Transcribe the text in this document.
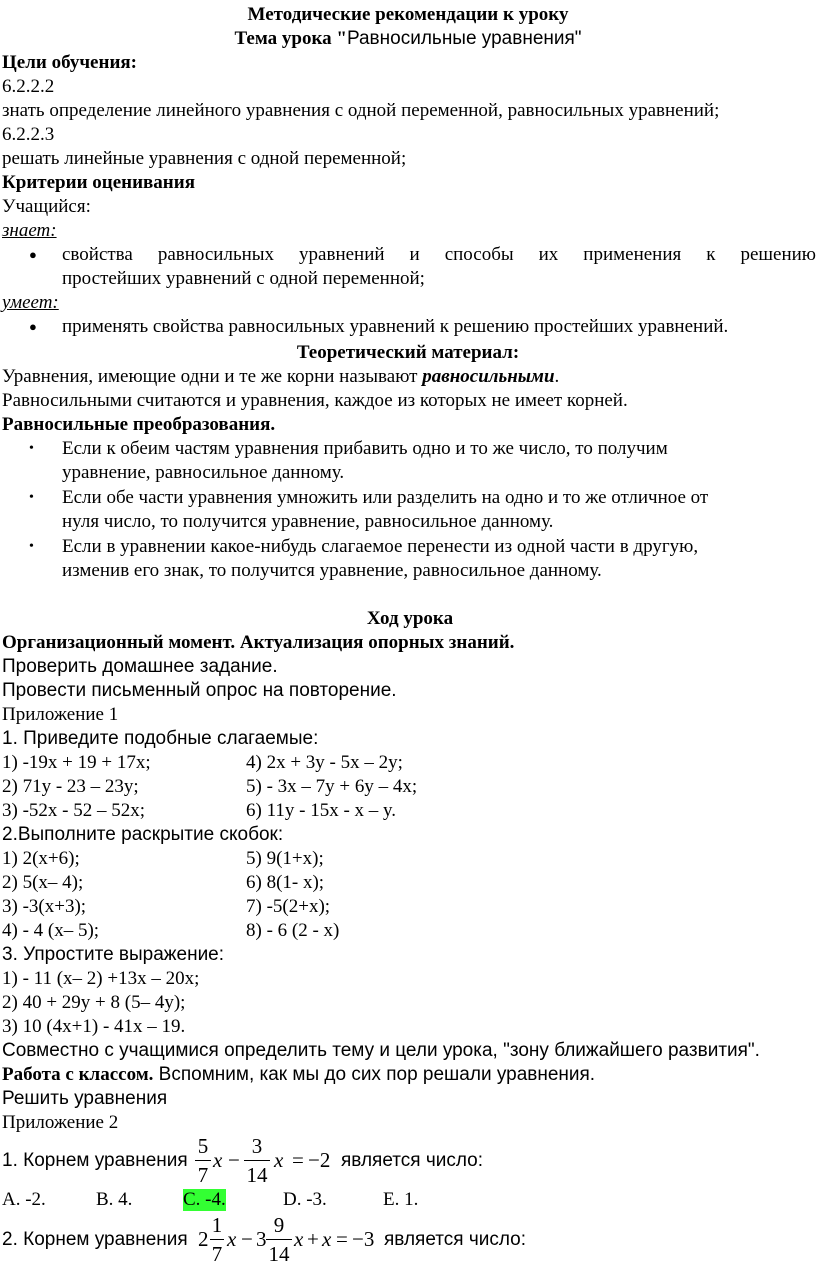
Методические рекомендации к уроку
Тема урока "Равносильные уравнения"
Цели обучения:
6.2.2.2
знать определение линейного уравнения с одной переменной, равносильных уравнений;
6.2.2.3
решать линейные уравнения с одной переменной;
Критерии оценивания
Учащийся:
знает:
● свойства равносильных уравнений и способы их применения к решению
простейших уравнений с одной переменной;
умеет:
● применять свойства равносильных уравнений к решению простейших уравнений.
Теоретический материал:
Уравнения, имеющие одни и те же корни называют равносильными.
Равносильными считаются и уравнения, каждое из которых не имеет корней.
Равносильные преобразования.
• Если к обеим частям уравнения прибавить одно и то же число, то получим
уравнение, равносильное данному.
• Если обе части уравнения умножить или разделить на одно и то же отличное от
нуля число, то получится уравнение, равносильное данному.
• Если в уравнении какое-нибудь слагаемое перенести из одной части в другую,
изменив его знак, то получится уравнение, равносильное данному.
Ход урока
Организационный момент. Актуализация опорных знаний.
Проверить домашнее задание.
Провести письменный опрос на повторение.
Приложение 1
1. Приведите подобные слагаемые:
1) -19x + 19 + 17x;	4) 2x + 3y - 5x – 2y;
2) 71y - 23 – 23y;	5) - 3x – 7y + 6y – 4x;
3) -52x - 52 – 52x;	6) 11y - 15x - x – y.
2.Выполните раскрытие скобок:
1) 2(x+6);	5) 9(1+x);
2) 5(x– 4);	6) 8(1- x);
3) -3(x+3);	7) -5(2+x);
4) - 4 (x– 5);	8) - 6 (2 - x)
3. Упростите выражение:
1) - 11 (x– 2) +13x – 20x;
2) 40 + 29y + 8 (5– 4y);
3) 10 (4x+1) - 41x – 19.
Совместно с учащимися определить тему и цели урока, "зону ближайшего развития".
Работа с классом. Вспомним, как мы до сих пор решали уравнения.
Решить уравнения
Приложение 2
1. Корнем уравнения
5
7
x −
3
14
x = −2 является число:
A. -2.	B. 4.	C. -4.	D. -3.	E. 1.
2. Корнем уравнения 2
1
7
x − 3
9
14
x + x = −3 является число:
